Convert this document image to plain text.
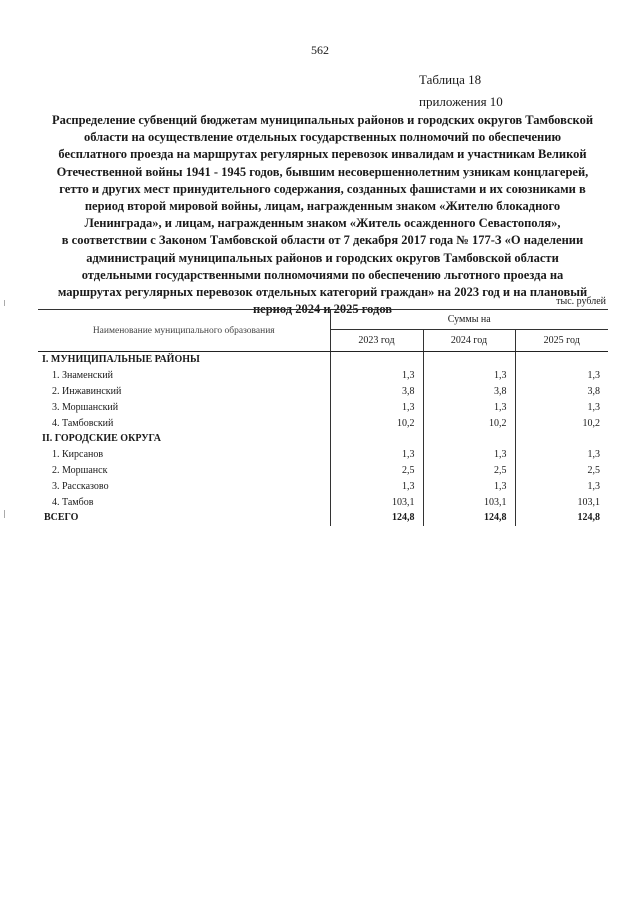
562
Таблица 18
приложения 10
Распределение субвенций бюджетам муниципальных районов и городских округов Тамбовской
области на осуществление отдельных государственных полномочий по обеспечению
бесплатного проезда на маршрутах регулярных перевозок инвалидам и участникам Великой
Отечественной войны 1941 - 1945 годов, бывшим несовершеннолетним узникам концлагерей,
гетто и других мест принудительного содержания, созданных фашистами и их союзниками в
период второй мировой войны, лицам, награжденным знаком «Жителю блокадного
Ленинграда», и лицам, награжденным знаком «Житель осажденного Севастополя»,
в соответствии с Законом Тамбовской области от 7 декабря 2017 года № 177-З «О наделении
администраций муниципальных районов и городских округов Тамбовской области
отдельными государственными полномочиями по обеспечению льготного проезда на
маршрутах регулярных перевозок отдельных категорий граждан» на 2023 год и на плановый
период 2024 и 2025 годов
тыс. рублей
Наименование муниципального образования	Суммы на		
	2023 год	2024 год	2025 год
I. МУНИЦИПАЛЬНЫЕ РАЙОНЫ			
1. Знаменский	1,3	1,3	1,3
2. Инжавинский	3,8	3,8	3,8
3. Моршанский	1,3	1,3	1,3
4. Тамбовский	10,2	10,2	10,2
II. ГОРОДСКИЕ ОКРУГА			
1. Кирсанов	1,3	1,3	1,3
2. Моршанск	2,5	2,5	2,5
3. Рассказово	1,3	1,3	1,3
4. Тамбов	103,1	103,1	103,1
ВСЕГО	124,8	124,8	124,8
